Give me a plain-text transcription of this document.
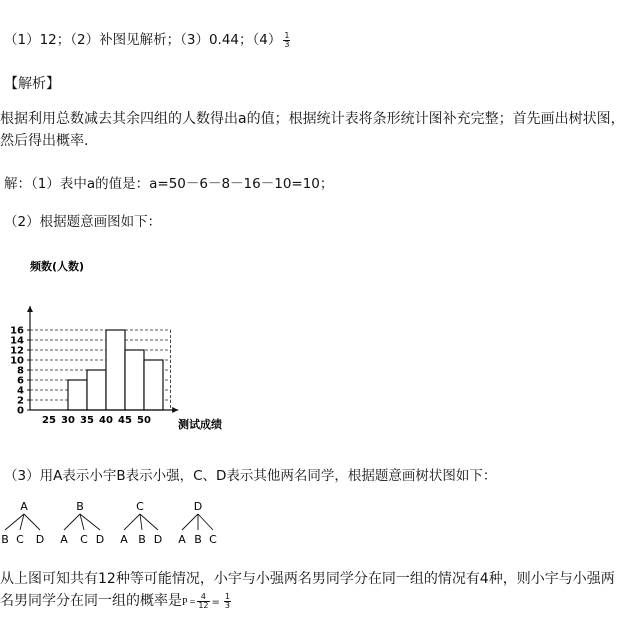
（1）12；（2）补图见解析；（3）0.44；$(4) \frac{1}{3}$
【解析】
根据利用总数减去其余四组的人数得出a的值；根据统计表将条形统计图补充完整；首先画出树状图，然后得出概率.
解：（1）表中a的值是：a=50－6－8－16－10=10；
（2）根据题意画图如下：
频数(人数)
测试成绩
0
2
4
6
8
10
12
14
16
25 30 35 40 45 50
（3）用A表示小宇B表示小强，C、D表示其他两名同学，根据题意画树状图如下：
A
B C D
B
A C D
C
A B D
D
A B C
从上图可知共有12种等可能情况，小宇与小强两名男同学分在同一组的情况有4种，则小宇与小强两名男同学分在同一组的概率是$P = \frac{4}{12} = \frac{1}{3}$
